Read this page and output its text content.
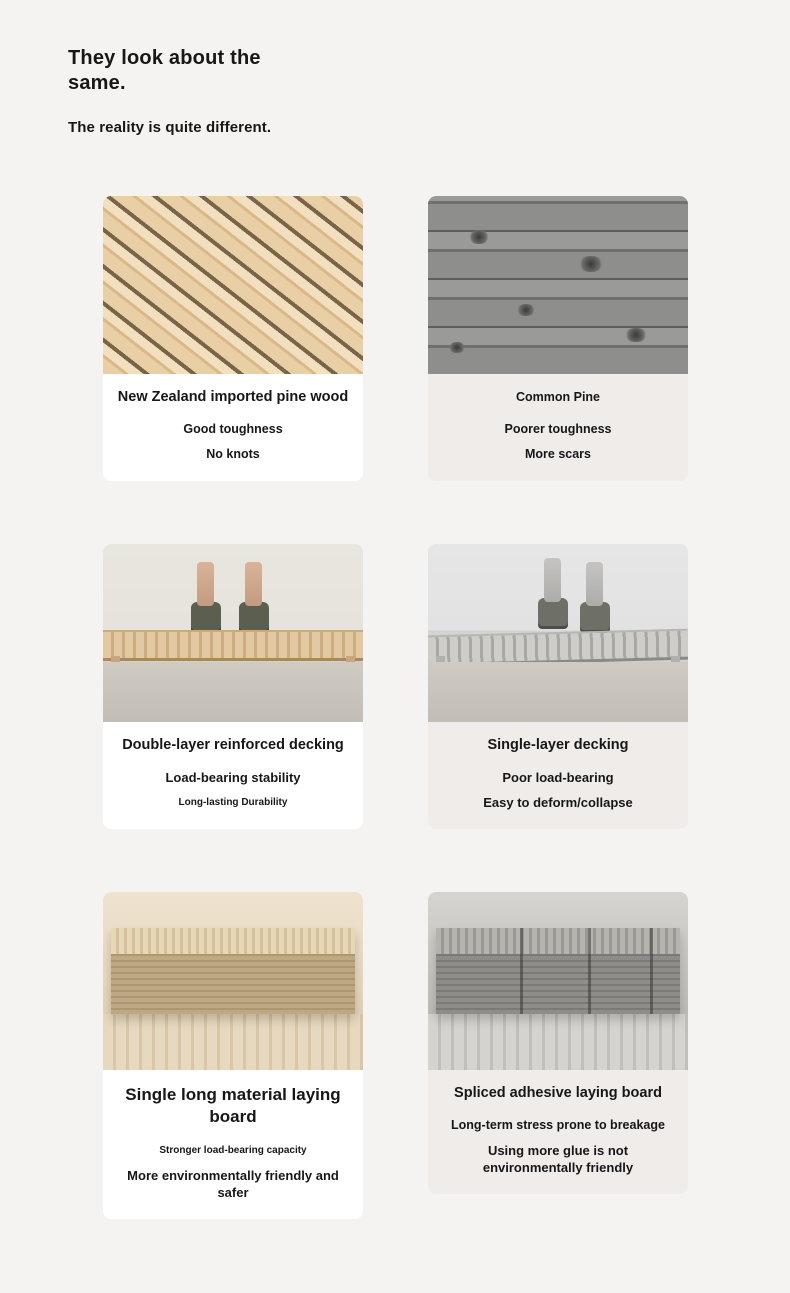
They look about the same.
The reality is quite different.

New Zealand imported pine wood

Good toughness

No knots

Common Pine

Poorer toughness

More scars

Double-layer reinforced decking

Load-bearing stability

Long-lasting Durability

Single-layer decking

Poor load-bearing

Easy to deform/collapse

Single long material laying board

Stronger load-bearing capacity

More environmentally friendly and safer

Spliced adhesive laying board

Long-term stress prone to breakage

Using more glue is not environmentally friendly
